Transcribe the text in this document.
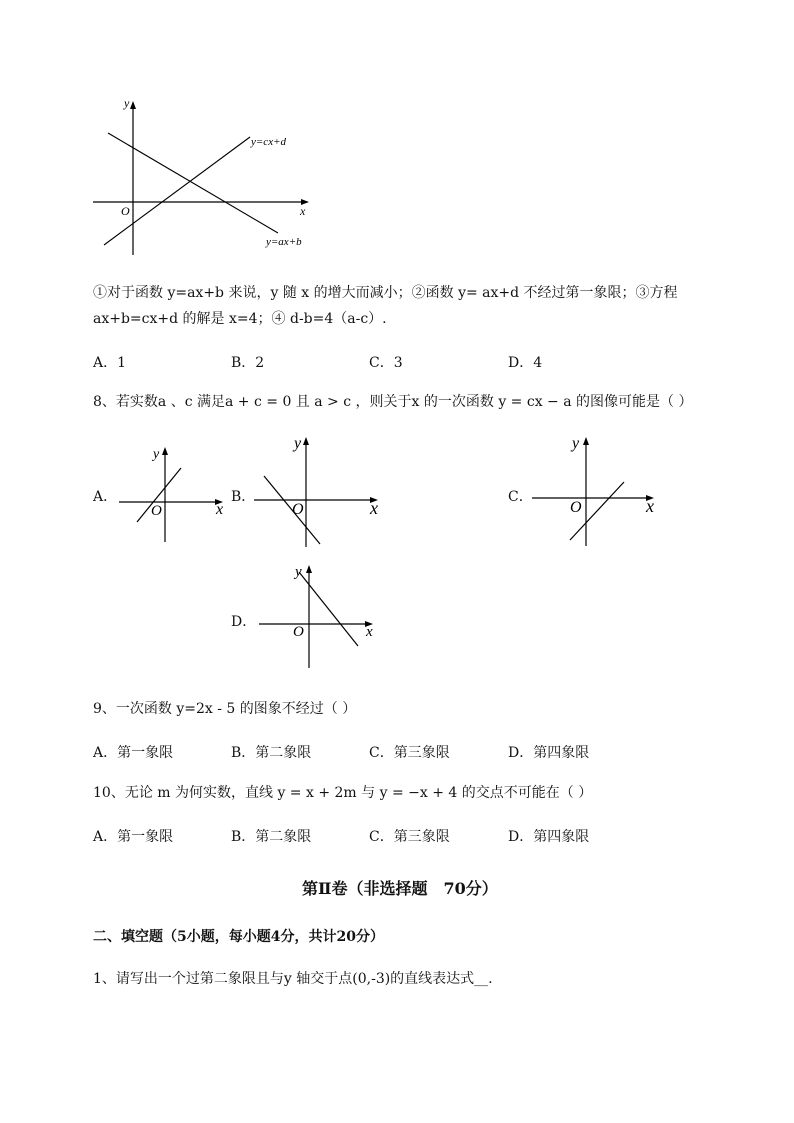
y
x
O
y=cx+d
y=ax+b
①对于函数 y=ax+b 来说，y 随 x 的增大而减小；②函数 y= ax+d 不经过第一象限；③方程
ax+b=cx+d 的解是 x=4；④ d-b=4（a-c）.
A．1	B．2	C．3	D．4
8、若实数a 、c 满足a + c = 0 且 a > c ，则关于x 的一次函数 y = cx − a 的图像可能是（ ）
A．
y
x
O
B．
y
x
O
C．
y
x
O
D．
y
x
O
9、一次函数 y=2x - 5 的图象不经过（ ）
A．第一象限	B．第二象限	C．第三象限	D．第四象限
10、无论 m 为何实数，直线 y = x + 2m 与 y = −x + 4 的交点不可能在（ ）
A．第一象限	B．第二象限	C．第三象限	D．第四象限
第Ⅱ卷（非选择题　70分）
二、填空题（5小题，每小题4分，共计20分）
1、请写出一个过第二象限且与y 轴交于点(0,-3)的直线表达式__.
